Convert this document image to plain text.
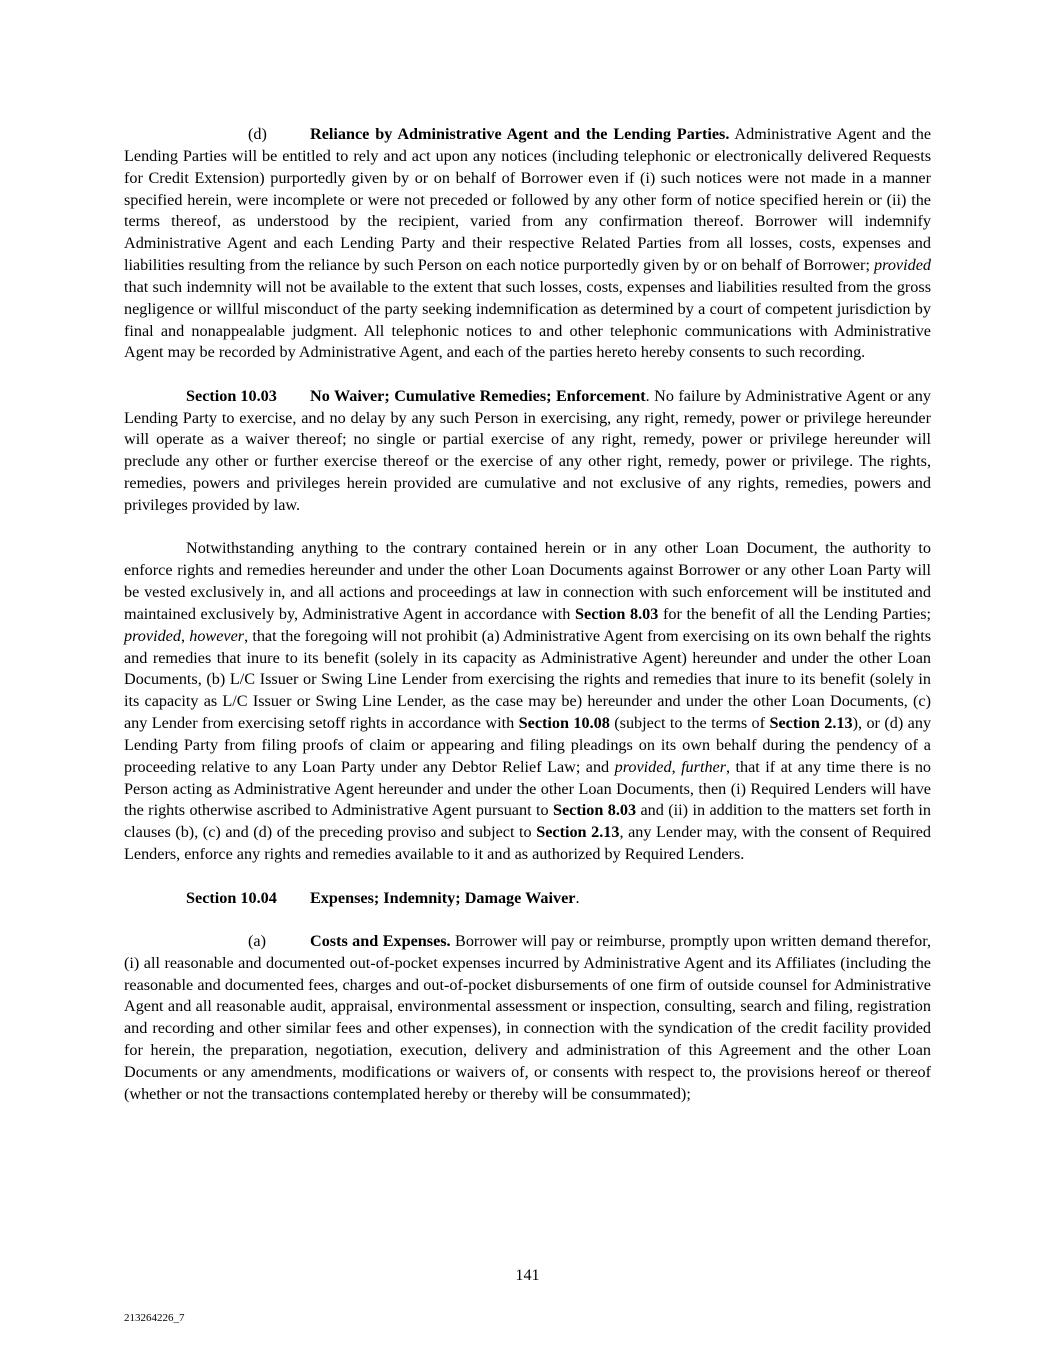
(d)	Reliance by Administrative Agent and the Lending Parties. Administrative Agent and the Lending Parties will be entitled to rely and act upon any notices (including telephonic or electronically delivered Requests for Credit Extension) purportedly given by or on behalf of Borrower even if (i) such notices were not made in a manner specified herein, were incomplete or were not preceded or followed by any other form of notice specified herein or (ii) the terms thereof, as understood by the recipient, varied from any confirmation thereof. Borrower will indemnify Administrative Agent and each Lending Party and their respective Related Parties from all losses, costs, expenses and liabilities resulting from the reliance by such Person on each notice purportedly given by or on behalf of Borrower; provided that such indemnity will not be available to the extent that such losses, costs, expenses and liabilities resulted from the gross negligence or willful misconduct of the party seeking indemnification as determined by a court of competent jurisdiction by final and nonappealable judgment. All telephonic notices to and other telephonic communications with Administrative Agent may be recorded by Administrative Agent, and each of the parties hereto hereby consents to such recording.

Section 10.03 No Waiver; Cumulative Remedies; Enforcement. No failure by Administrative Agent or any Lending Party to exercise, and no delay by any such Person in exercising, any right, remedy, power or privilege hereunder will operate as a waiver thereof; no single or partial exercise of any right, remedy, power or privilege hereunder will preclude any other or further exercise thereof or the exercise of any other right, remedy, power or privilege. The rights, remedies, powers and privileges herein provided are cumulative and not exclusive of any rights, remedies, powers and privileges provided by law.

Notwithstanding anything to the contrary contained herein or in any other Loan Document, the authority to enforce rights and remedies hereunder and under the other Loan Documents against Borrower or any other Loan Party will be vested exclusively in, and all actions and proceedings at law in connection with such enforcement will be instituted and maintained exclusively by, Administrative Agent in accordance with Section 8.03 for the benefit of all the Lending Parties; provided, however, that the foregoing will not prohibit (a) Administrative Agent from exercising on its own behalf the rights and remedies that inure to its benefit (solely in its capacity as Administrative Agent) hereunder and under the other Loan Documents, (b) L/C Issuer or Swing Line Lender from exercising the rights and remedies that inure to its benefit (solely in its capacity as L/C Issuer or Swing Line Lender, as the case may be) hereunder and under the other Loan Documents, (c) any Lender from exercising setoff rights in accordance with Section 10.08 (subject to the terms of Section 2.13), or (d) any Lending Party from filing proofs of claim or appearing and filing pleadings on its own behalf during the pendency of a proceeding relative to any Loan Party under any Debtor Relief Law; and provided, further, that if at any time there is no Person acting as Administrative Agent hereunder and under the other Loan Documents, then (i) Required Lenders will have the rights otherwise ascribed to Administrative Agent pursuant to Section 8.03 and (ii) in addition to the matters set forth in clauses (b), (c) and (d) of the preceding proviso and subject to Section 2.13, any Lender may, with the consent of Required Lenders, enforce any rights and remedies available to it and as authorized by Required Lenders.

Section 10.04 Expenses; Indemnity; Damage Waiver.

(a)	Costs and Expenses. Borrower will pay or reimburse, promptly upon written demand therefor, (i) all reasonable and documented out-of-pocket expenses incurred by Administrative Agent and its Affiliates (including the reasonable and documented fees, charges and out-of-pocket disbursements of one firm of outside counsel for Administrative Agent and all reasonable audit, appraisal, environmental assessment or inspection, consulting, search and filing, registration and recording and other similar fees and other expenses), in connection with the syndication of the credit facility provided for herein, the preparation, negotiation, execution, delivery and administration of this Agreement and the other Loan Documents or any amendments, modifications or waivers of, or consents with respect to, the provisions hereof or thereof (whether or not the transactions contemplated hereby or thereby will be consummated);

141
213264226_7
